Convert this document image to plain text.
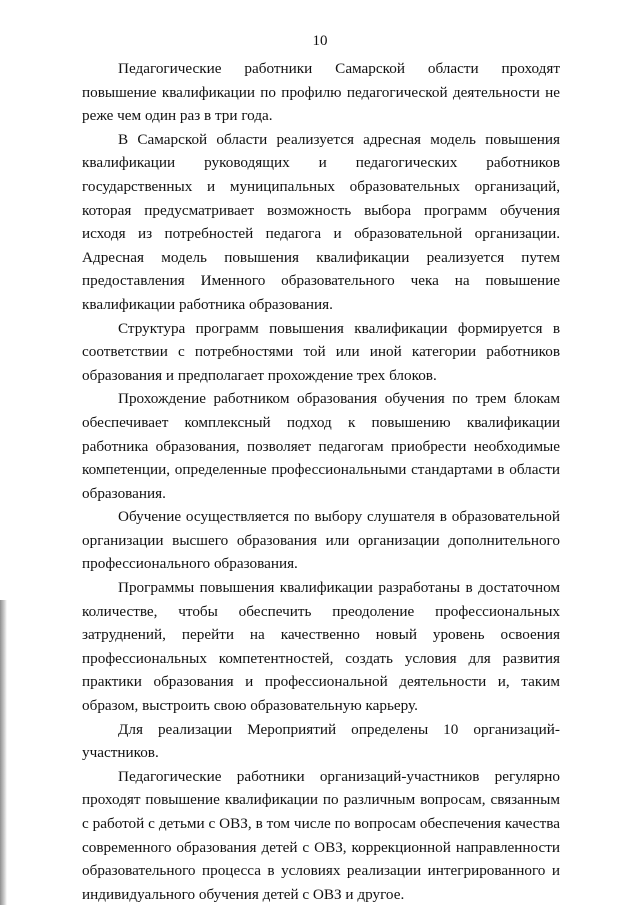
10

Педагогические работники Самарской области проходят повышение квалификации по профилю педагогической деятельности не реже чем один раз в три года.

В Самарской области реализуется адресная модель повышения квалификации руководящих и педагогических работников государственных и муниципальных образовательных организаций, которая предусматривает возможность выбора программ обучения исходя из потребностей педагога и образовательной организации. Адресная модель повышения квалификации реализуется путем предоставления Именного образовательного чека на повышение квалификации работника образования.

Структура программ повышения квалификации формируется в соответствии с потребностями той или иной категории работников образования и предполагает прохождение трех блоков.

Прохождение работником образования обучения по трем блокам обеспечивает комплексный подход к повышению квалификации работника образования, позволяет педагогам приобрести необходимые компетенции, определенные профессиональными стандартами в области образования.

Обучение осуществляется по выбору слушателя в образовательной организации высшего образования или организации дополнительного профессионального образования.

Программы повышения квалификации разработаны в достаточном количестве, чтобы обеспечить преодоление профессиональных затруднений, перейти на качественно новый уровень освоения профессиональных компетентностей, создать условия для развития практики образования и профессиональной деятельности и, таким образом, выстроить свою образовательную карьеру.

Для реализации Мероприятий определены 10 организаций-участников.

Педагогические работники организаций-участников регулярно проходят повышение квалификации по различным вопросам, связанным с работой с детьми с ОВЗ, в том числе по вопросам обеспечения качества современного образования детей с ОВЗ, коррекционной направленности образовательного процесса в условиях реализации интегрированного и индивидуального обучения детей с ОВЗ и другое.
